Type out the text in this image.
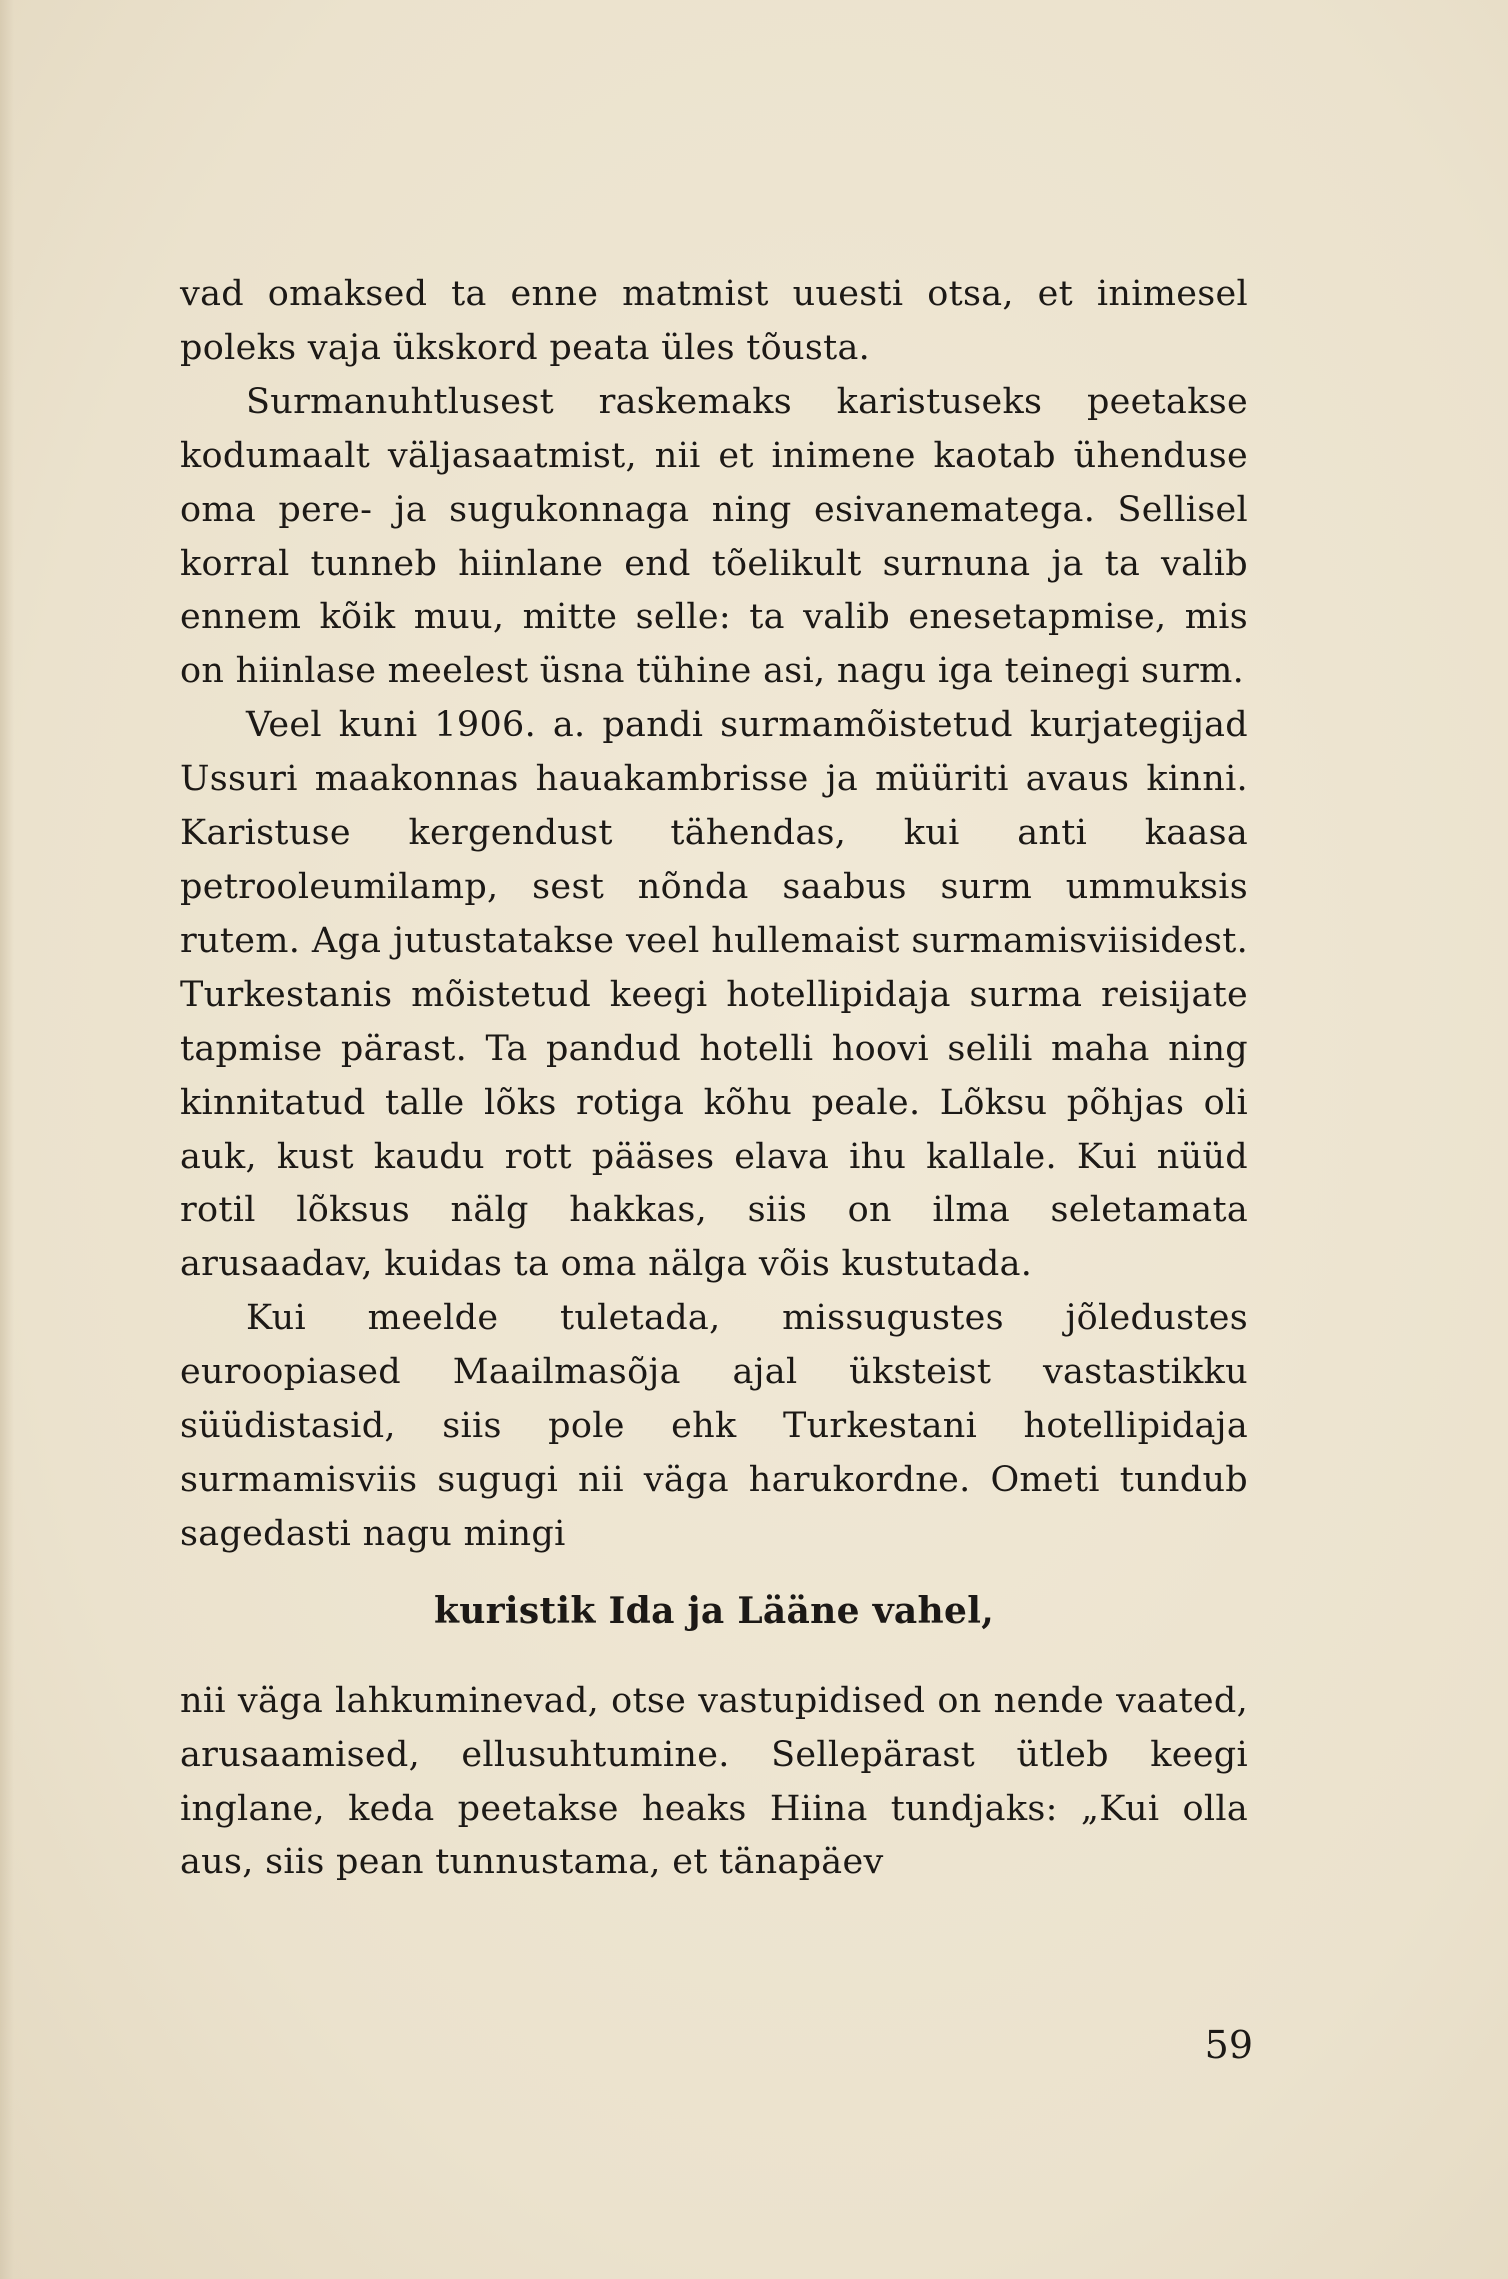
vad omaksed ta enne matmist uuesti otsa, et inimesel poleks vaja ükskord peata üles tõusta.

Surmanuhtlusest raskemaks karistuseks peetakse kodumaalt väljasaatmist, nii et inimene kaotab ühenduse oma pere- ja sugukonnaga ning esivanematega. Sellisel korral tunneb hiinlane end tõelikult surnuna ja ta valib ennem kõik muu, mitte selle: ta valib enesetapmise, mis on hiinlase meelest üsna tühine asi, nagu iga teinegi surm.

Veel kuni 1906. a. pandi surmamõistetud kurjategijad Ussuri maakonnas hauakambrisse ja müüriti avaus kinni. Karistuse kergendust tähendas, kui anti kaasa petrooleumilamp, sest nõnda saabus surm ummuksis rutem. Aga jutustatakse veel hullemaist surmamisviisidest. Turkestanis mõistetud keegi hotellipidaja surma reisijate tapmise pärast. Ta pandud hotelli hoovi selili maha ning kinnitatud talle lõks rotiga kõhu peale. Lõksu põhjas oli auk, kust kaudu rott pääses elava ihu kallale. Kui nüüd rotil lõksus nälg hakkas, siis on ilma seletamata arusaadav, kuidas ta oma nälga võis kustutada.

Kui meelde tuletada, missugustes jõledustes euroopiased Maailmasõja ajal üksteist vastastikku süüdistasid, siis pole ehk Turkestani hotellipidaja surmamisviis sugugi nii väga harukordne. Ometi tundub sagedasti nagu mingi

kuristik Ida ja Lääne vahel,

nii väga lahkuminevad, otse vastupidised on nende vaated, arusaamised, ellusuhtumine. Sellepärast ütleb keegi inglane, keda peetakse heaks Hiina tundjaks: „Kui olla aus, siis pean tunnustama, et tänapäev

59
